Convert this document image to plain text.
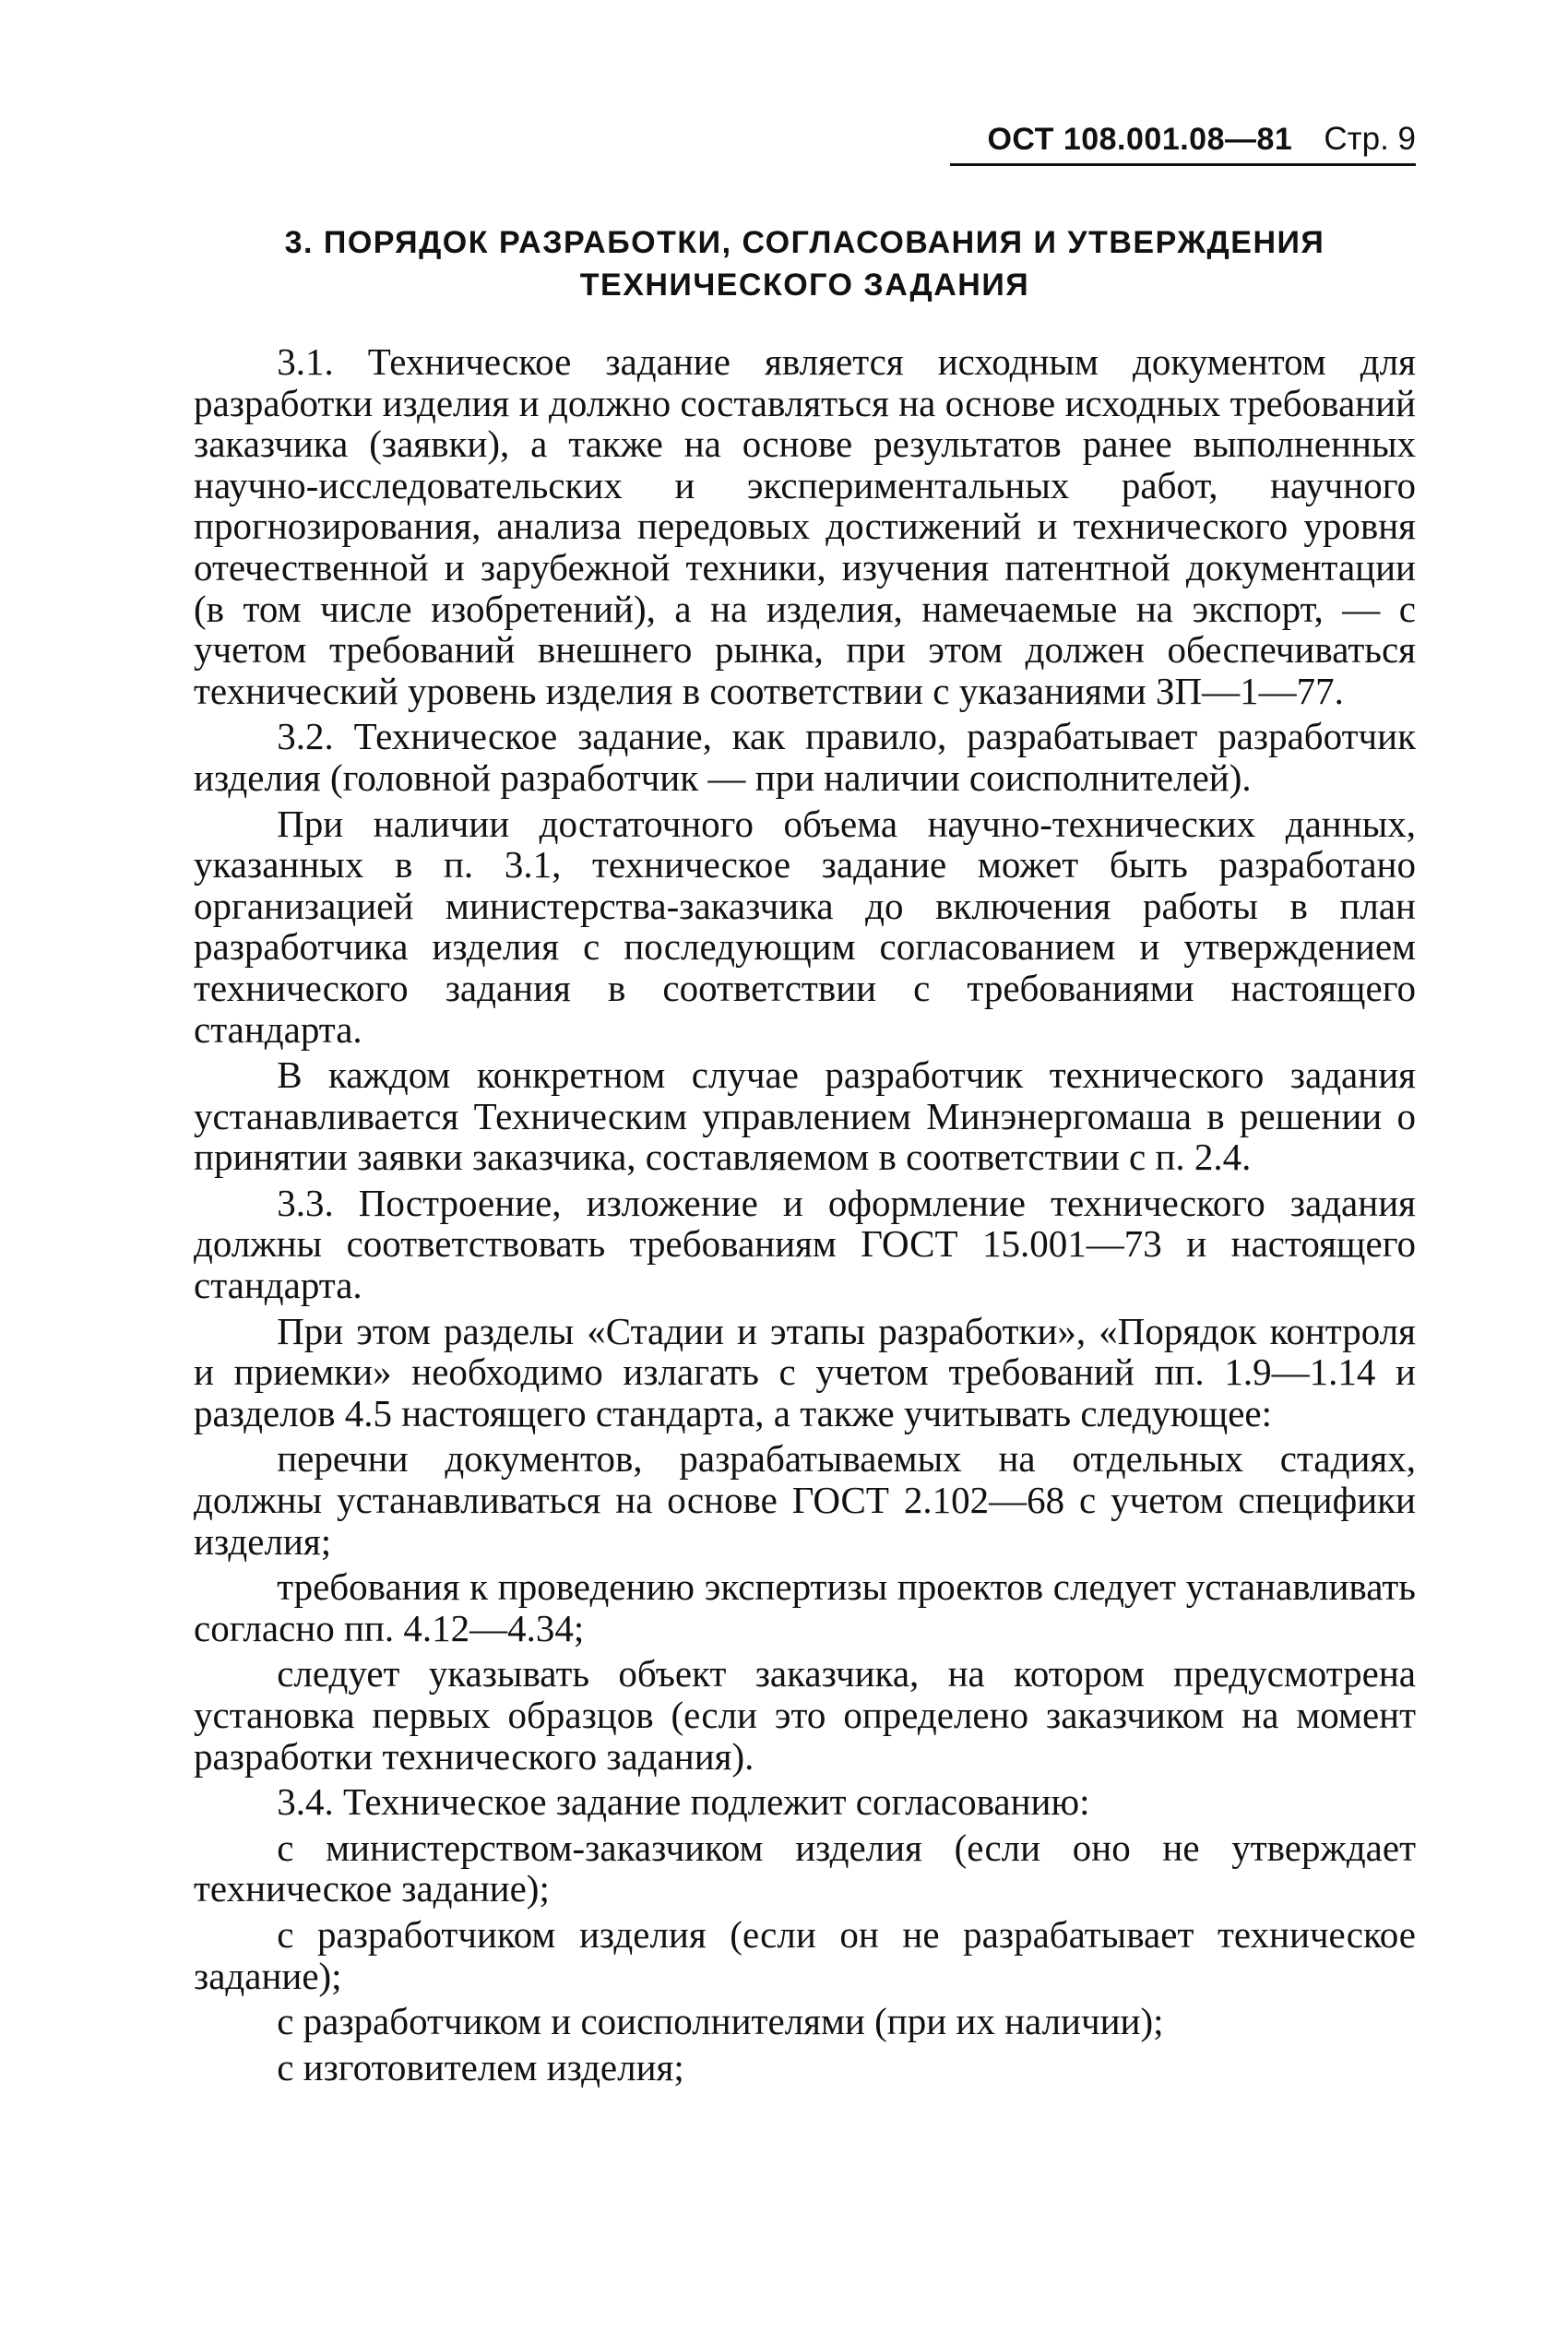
ОСТ 108.001.08—81 Стр. 9
3. ПОРЯДОК РАЗРАБОТКИ, СОГЛАСОВАНИЯ И УТВЕРЖДЕНИЯ
ТЕХНИЧЕСКОГО ЗАДАНИЯ

3.1. Техническое задание является исходным документом для разработки изделия и должно составляться на основе исходных требований заказчика (заявки), а также на основе результатов ранее выполненных научно-исследовательских и экспериментальных работ, научного прогнозирования, анализа передовых достижений и технического уровня отечественной и зарубежной техники, изучения патентной документации (в том числе изобретений), а на изделия, намечаемые на экспорт, — с учетом требований внешнего рынка, при этом должен обеспечиваться технический уровень изделия в соответствии с указаниями ЗП—1—77.

3.2. Техническое задание, как правило, разрабатывает разработчик изделия (головной разработчик — при наличии соисполнителей).

При наличии достаточного объема научно-технических данных, указанных в п. 3.1, техническое задание может быть разработано организацией министерства-заказчика до включения работы в план разработчика изделия с последующим согласованием и утверждением технического задания в соответствии с требованиями настоящего стандарта.

В каждом конкретном случае разработчик технического задания устанавливается Техническим управлением Минэнергомаша в решении о принятии заявки заказчика, составляемом в соответствии с п. 2.4.

3.3. Построение, изложение и оформление технического задания должны соответствовать требованиям ГОСТ 15.001—73 и настоящего стандарта.

При этом разделы «Стадии и этапы разработки», «Порядок контроля и приемки» необходимо излагать с учетом требований пп. 1.9—1.14 и разделов 4.5 настоящего стандарта, а также учитывать следующее:

перечни документов, разрабатываемых на отдельных стадиях, должны устанавливаться на основе ГОСТ 2.102—68 с учетом специфики изделия;

требования к проведению экспертизы проектов следует устанавливать согласно пп. 4.12—4.34;

следует указывать объект заказчика, на котором предусмотрена установка первых образцов (если это определено заказчиком на момент разработки технического задания).

3.4. Техническое задание подлежит согласованию:

с министерством-заказчиком изделия (если оно не утверждает техническое задание);

с разработчиком изделия (если он не разрабатывает техническое задание);

с разработчиком и соисполнителями (при их наличии);

с изготовителем изделия;
